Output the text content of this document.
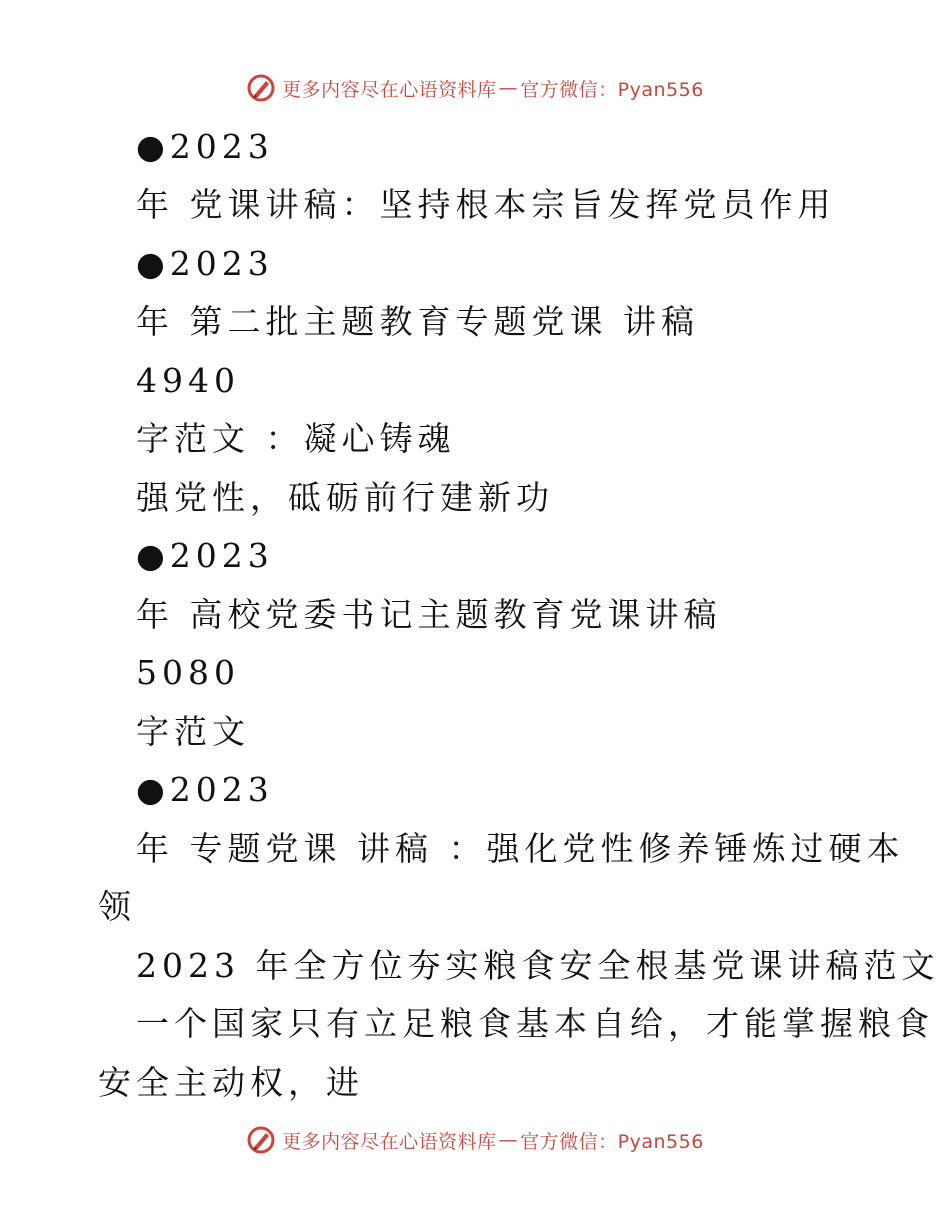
更多内容尽在心语资料库 — 官方微信：Pyan556
●2023
年 党课讲稿：坚持根本宗旨发挥党员作用
●2023
年 第二批主题教育专题党课 讲稿
4940
字范文 ：凝心铸魂
强党性，砥砺前行建新功
●2023
年 高校党委书记主题教育党课讲稿
5080
字范文
●2023
年 专题党课 讲稿 ：强化党性修养锤炼过硬本
领
2023 年全方位夯实粮食安全根基党课讲稿范文
一个国家只有立足粮食基本自给，才能掌握粮食
安全主动权，进
更多内容尽在心语资料库 — 官方微信：Pyan556
